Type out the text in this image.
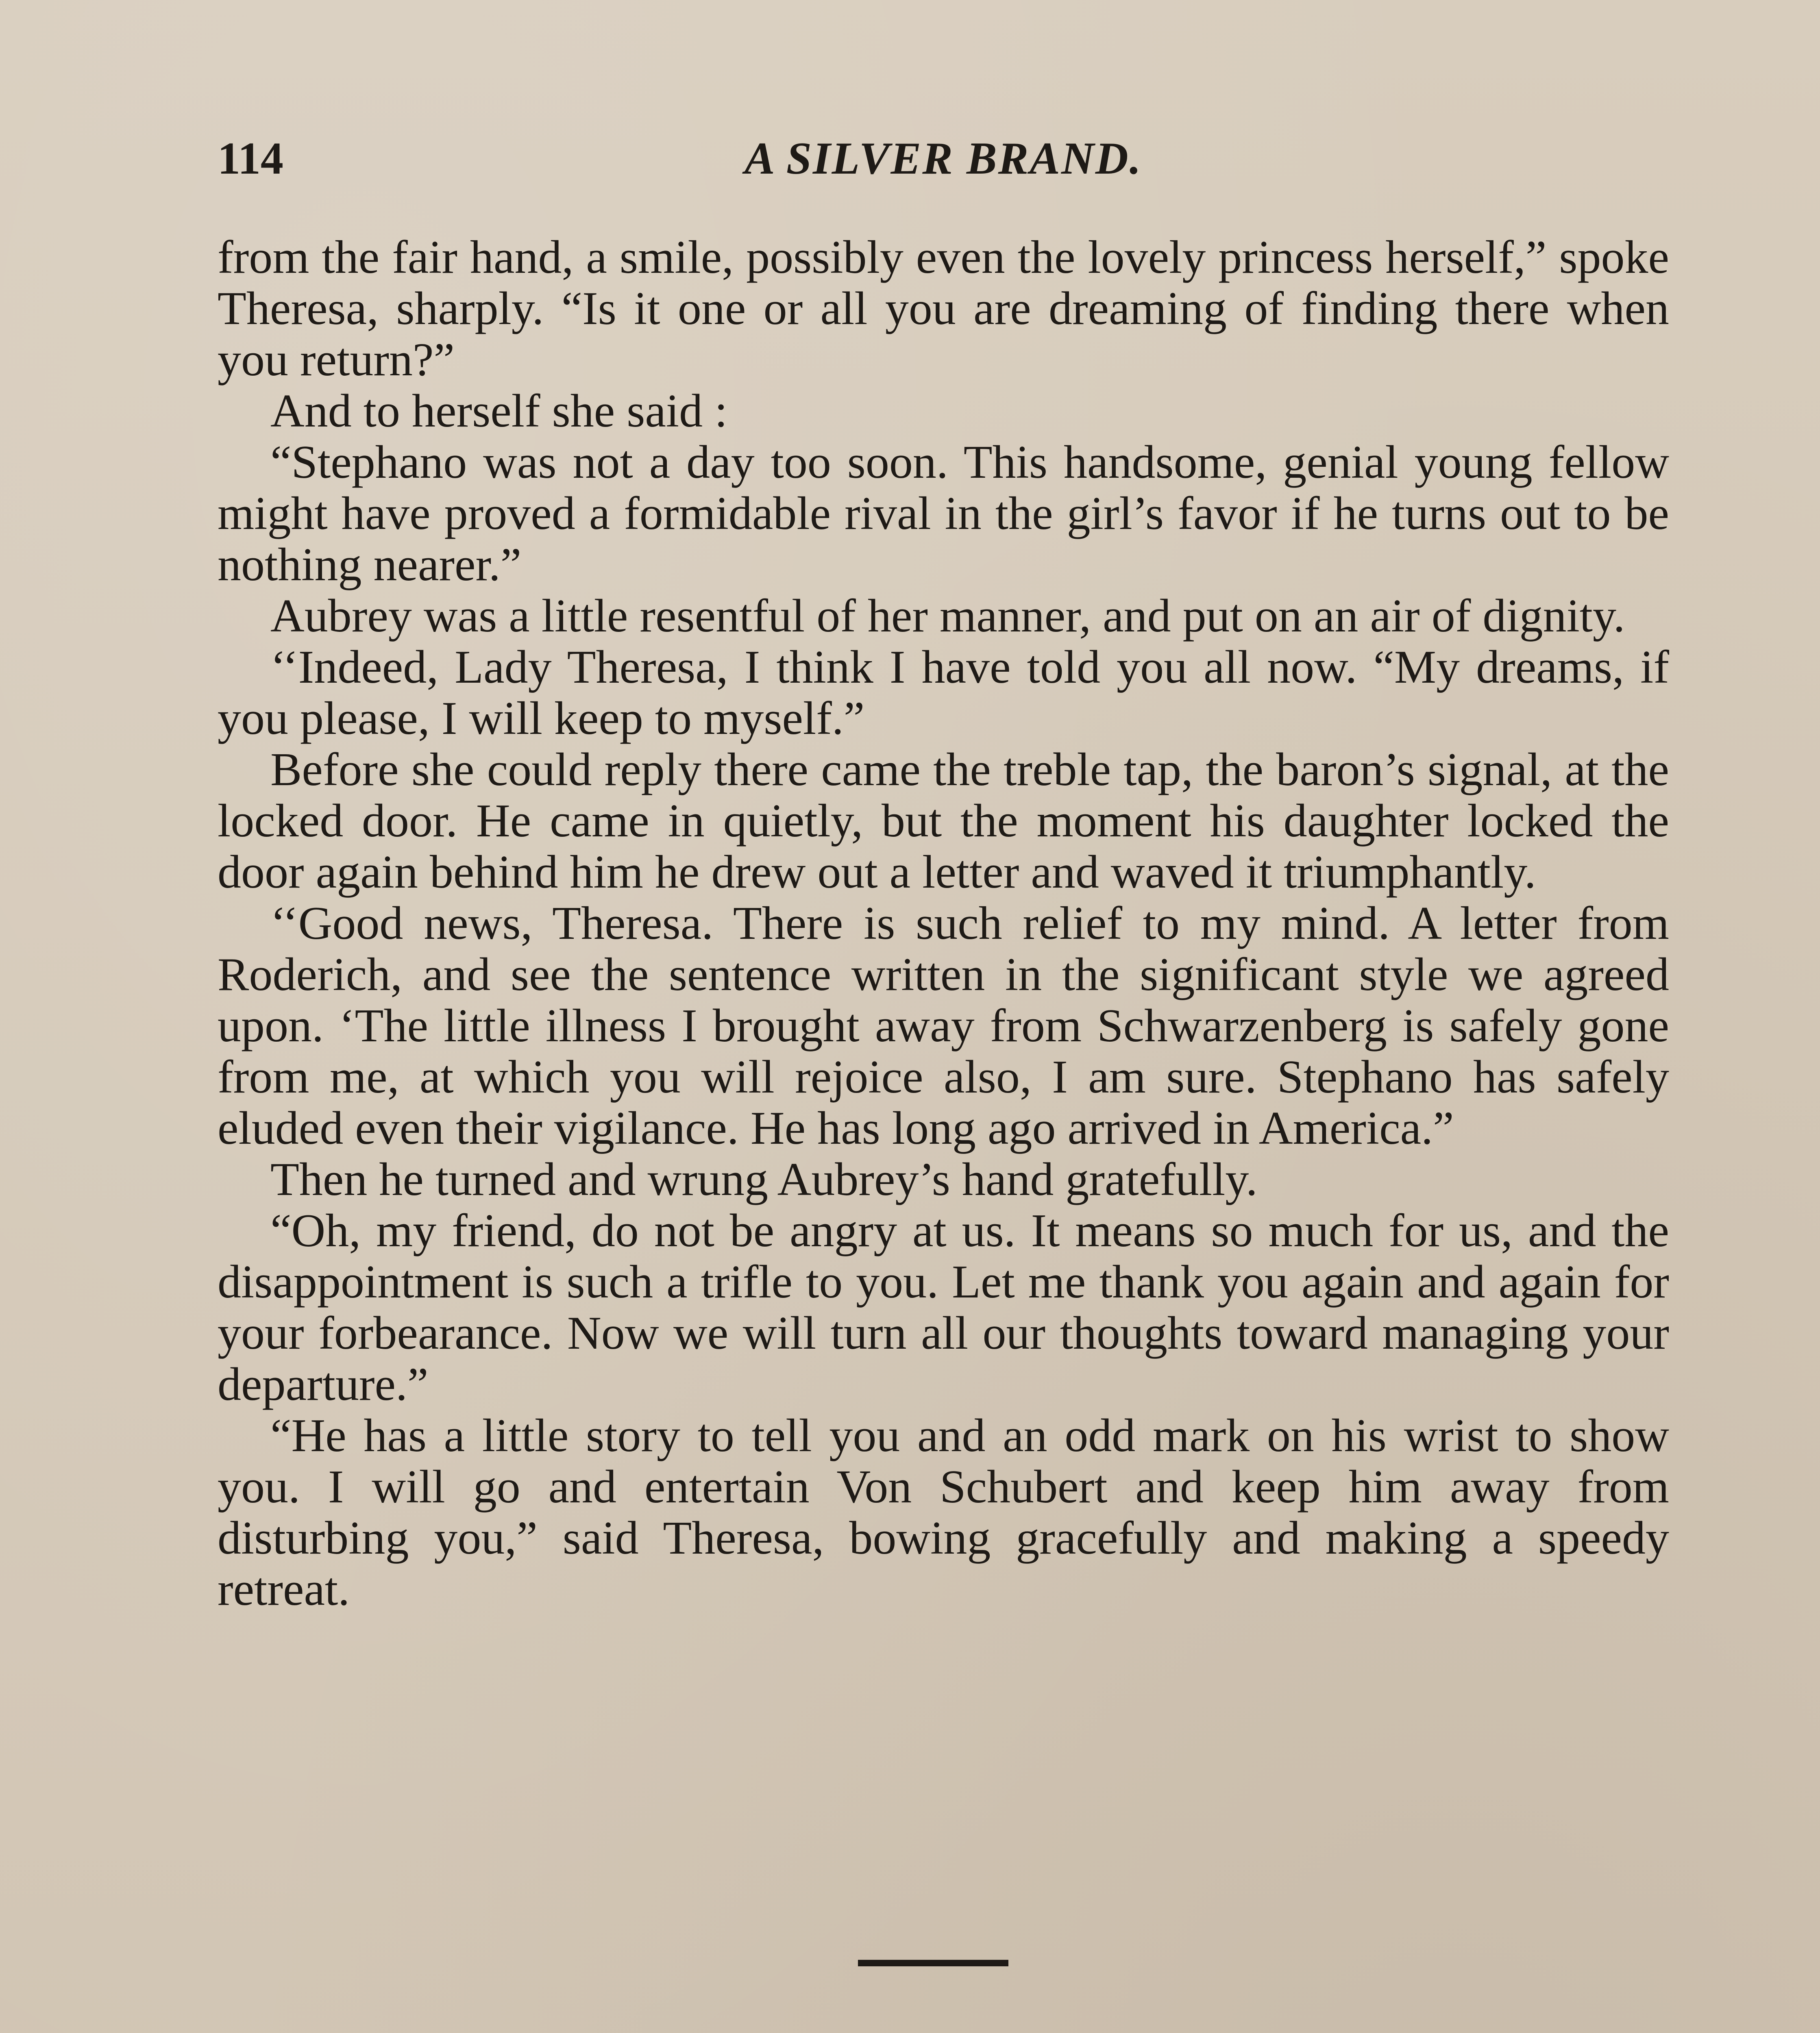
114	A SILVER BRAND.

from the fair hand, a smile, possibly even the lovely princess herself,” spoke Theresa, sharply. “Is it one or all you are dreaming of finding there when you return?”

And to herself she said :

“Stephano was not a day too soon. This handsome, genial young fellow might have proved a formidable rival in the girl’s favor if he turns out to be nothing nearer.”

Aubrey was a little resentful of her manner, and put on an air of dignity.

‘‘Indeed, Lady Theresa, I think I have told you all now. “My dreams, if you please, I will keep to myself.”

Before she could reply there came the treble tap, the baron’s signal, at the locked door. He came in quietly, but the moment his daughter locked the door again behind him he drew out a letter and waved it triumphantly.

‘‘Good news, Theresa. There is such relief to my mind. A letter from Roderich, and see the sentence written in the significant style we agreed upon. ‘The little illness I brought away from Schwarzenberg is safely gone from me, at which you will rejoice also, I am sure. Stephano has safely eluded even their vigilance. He has long ago arrived in America.”

Then he turned and wrung Aubrey’s hand gratefully.

“Oh, my friend, do not be angry at us. It means so much for us, and the disappointment is such a trifle to you. Let me thank you again and again for your forbearance. Now we will turn all our thoughts toward managing your departure.”

“He has a little story to tell you and an odd mark on his wrist to show you. I will go and entertain Von Schubert and keep him away from disturbing you,” said Theresa, bowing gracefully and making a speedy retreat.
